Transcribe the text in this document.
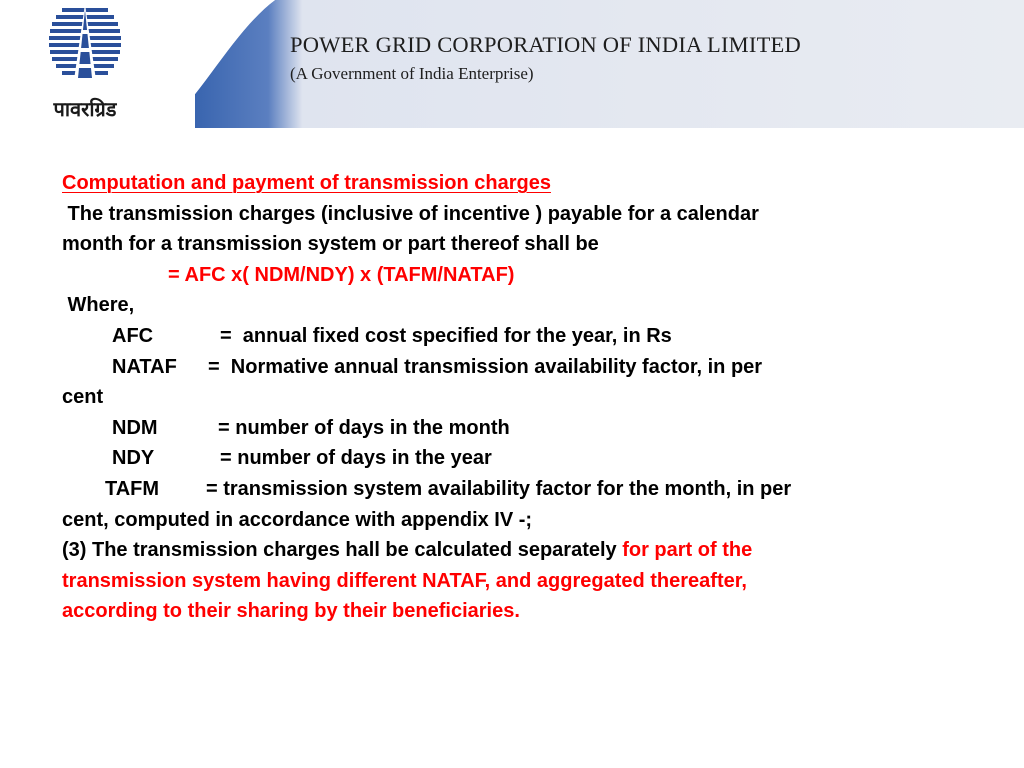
पावरग्रिड
POWER GRID CORPORATION OF INDIA LIMITED
(A Government of India Enterprise)
Computation and payment of transmission charges
The transmission charges (inclusive of incentive ) payable for a calendar
month for a transmission system or part thereof shall be
= AFC x( NDM/NDY) x (TAFM/NATAF)
Where,
AFC	=  annual fixed cost specified for the year, in Rs
NATAF =  Normative annual transmission availability factor, in per
cent
NDM	= number of days in the month
NDY	= number of days in the year
TAFM = transmission system availability factor for the month, in per
cent, computed in accordance with appendix IV -;
(3) The transmission charges hall be calculated separately for part of the
transmission system having different NATAF, and aggregated thereafter,
according to their sharing by their beneficiaries.
